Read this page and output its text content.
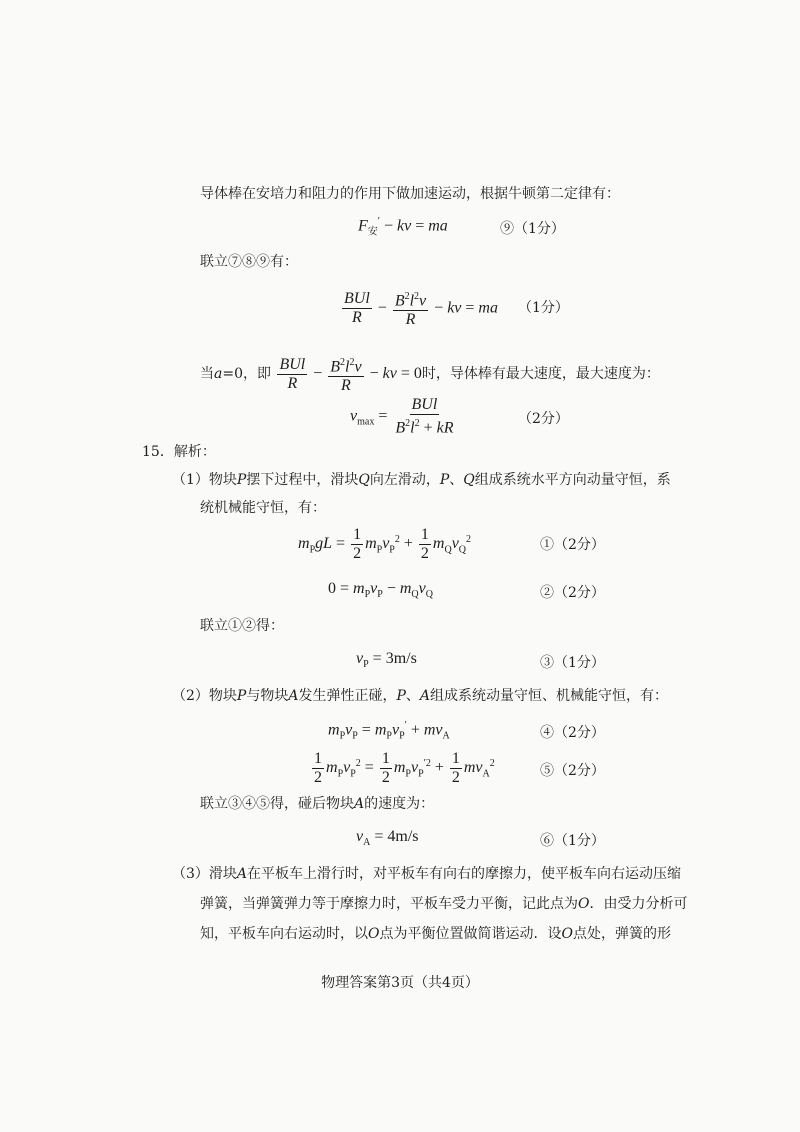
导体棒在安培力和阻力的作用下做加速运动，根据牛顿第二定律有：
$F_安'$ − kv = ma	⑨（1分）
联立⑦⑧⑨有：
$\frac{\text{BUl}}{R} - \frac{B^2l^2v}{R}$ − kv = ma （1分）
当a=0，即 $\frac{\text{BUl}}{R} - \frac{B^2l^2v}{R}$ − kv = 0时，导体棒有最大速度，最大速度为：
$v_{max} = \frac{\text{BUl}}{B^2l^2 + kR}$	（2分）
15．解析：
（1）物块P摆下过程中，滑块Q向左滑动，P、Q组成系统水平方向动量守恒，系
统机械能守恒，有：
$m_PgL = \frac{1}{2} m_Pv_P^2 + \frac{1}{2} m_Qv_Q^2$	①（2分）
$0 = m_Pv_P - m_Qv_Q$	②（2分）
联立①②得：
$v_P = 3m/s$	③（1分）
（2）物块P与物块A发生弹性正碰，P、A组成系统动量守恒、机械能守恒，有：
$m_Pv_P = m_Pv_P' + mv_A$	④（2分）
$\frac{1}{2} m_Pv_P^2 = \frac{1}{2} m_Pv_P^{'2} + \frac{1}{2} mv_A^2$	⑤（2分）
联立③④⑤得，碰后物块A的速度为：
$v_A = 4m/s$	⑥（1分）
（3）滑块A在平板车上滑行时，对平板车有向右的摩擦力，使平板车向右运动压缩
弹簧，当弹簧弹力等于摩擦力时，平板车受力平衡，记此点为O．由受力分析可
知，平板车向右运动时，以O点为平衡位置做简谐运动．设O点处，弹簧的形
物理答案第3页（共4页）
